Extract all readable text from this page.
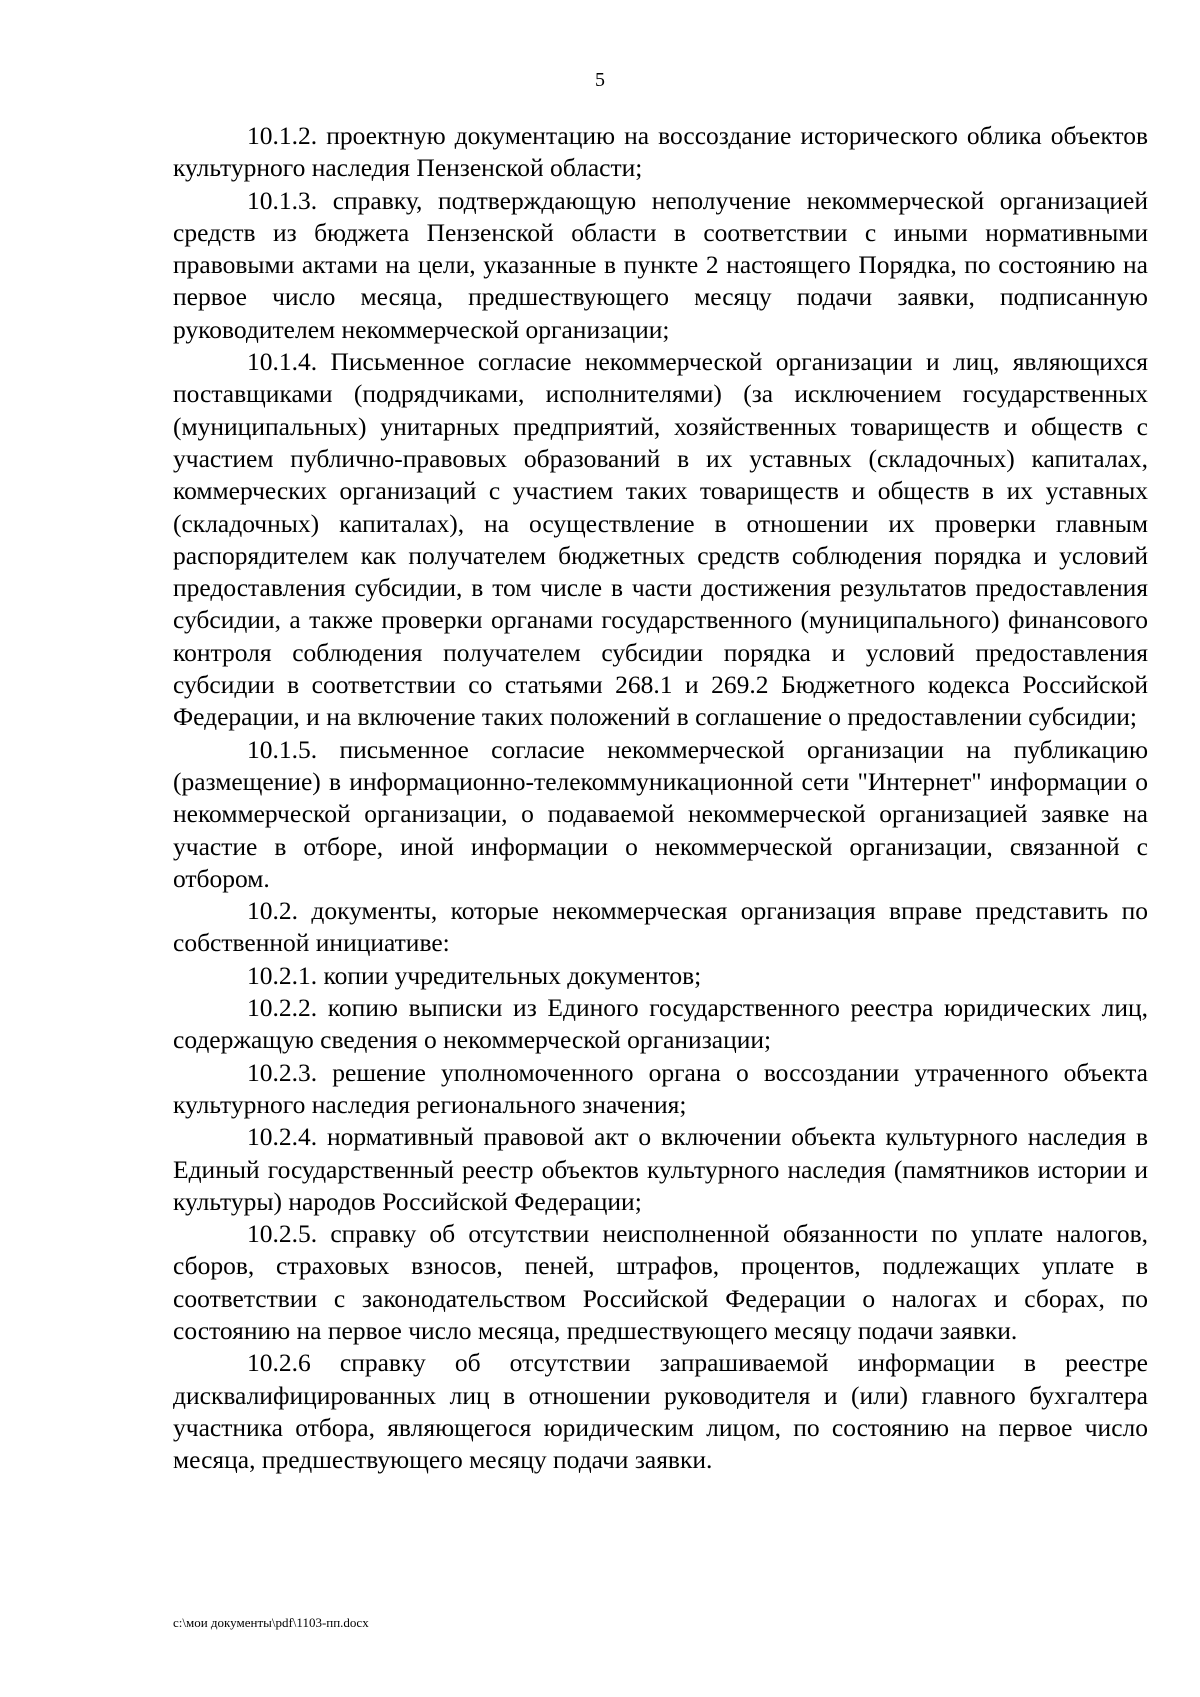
5

10.1.2. проектную документацию на воссоздание исторического облика объектов культурного наследия Пензенской области;

10.1.3. справку, подтверждающую неполучение некоммерческой организацией средств из бюджета Пензенской области в соответствии с иными нормативными правовыми актами на цели, указанные в пункте 2 настоящего Порядка, по состоянию на первое число месяца, предшествующего месяцу подачи заявки, подписанную руководителем некоммерческой организации;

10.1.4. Письменное согласие некоммерческой организации и лиц, являющихся поставщиками (подрядчиками, исполнителями) (за исключением государственных (муниципальных) унитарных предприятий, хозяйственных товариществ и обществ с участием публично-правовых образований в их уставных (складочных) капиталах, коммерческих организаций с участием таких товариществ и обществ в их уставных (складочных) капиталах), на осуществление в отношении их проверки главным распорядителем как получателем бюджетных средств соблюдения порядка и условий предоставления субсидии, в том числе в части достижения результатов предоставления субсидии, а также проверки органами государственного (муниципального) финансового контроля соблюдения получателем субсидии порядка и условий предоставления субсидии в соответствии со статьями 268.1 и 269.2 Бюджетного кодекса Российской Федерации, и на включение таких положений в соглашение о предоставлении субсидии;

10.1.5. письменное согласие некоммерческой организации на публикацию (размещение) в информационно-телекоммуникационной сети "Интернет" информации о некоммерческой организации, о подаваемой некоммерческой организацией заявке на участие в отборе, иной информации о некоммерческой организации, связанной с отбором.

10.2. документы, которые некоммерческая организация вправе представить по собственной инициативе:

10.2.1. копии учредительных документов;

10.2.2. копию выписки из Единого государственного реестра юридических лиц, содержащую сведения о некоммерческой организации;

10.2.3. решение уполномоченного органа о воссоздании утраченного объекта культурного наследия регионального значения;

10.2.4. нормативный правовой акт о включении объекта культурного наследия в Единый государственный реестр объектов культурного наследия (памятников истории и культуры) народов Российской Федерации;

10.2.5. справку об отсутствии неисполненной обязанности по уплате налогов, сборов, страховых взносов, пеней, штрафов, процентов, подлежащих уплате в соответствии с законодательством Российской Федерации о налогах и сборах, по состоянию на первое число месяца, предшествующего месяцу подачи заявки.

10.2.6 справку об отсутствии запрашиваемой информации в реестре дисквалифицированных лиц в отношении руководителя и (или) главного бухгалтера участника отбора, являющегося юридическим лицом, по состоянию на первое число месяца, предшествующего месяцу подачи заявки.

c:\мои документы\pdf\1103-пп.docx
